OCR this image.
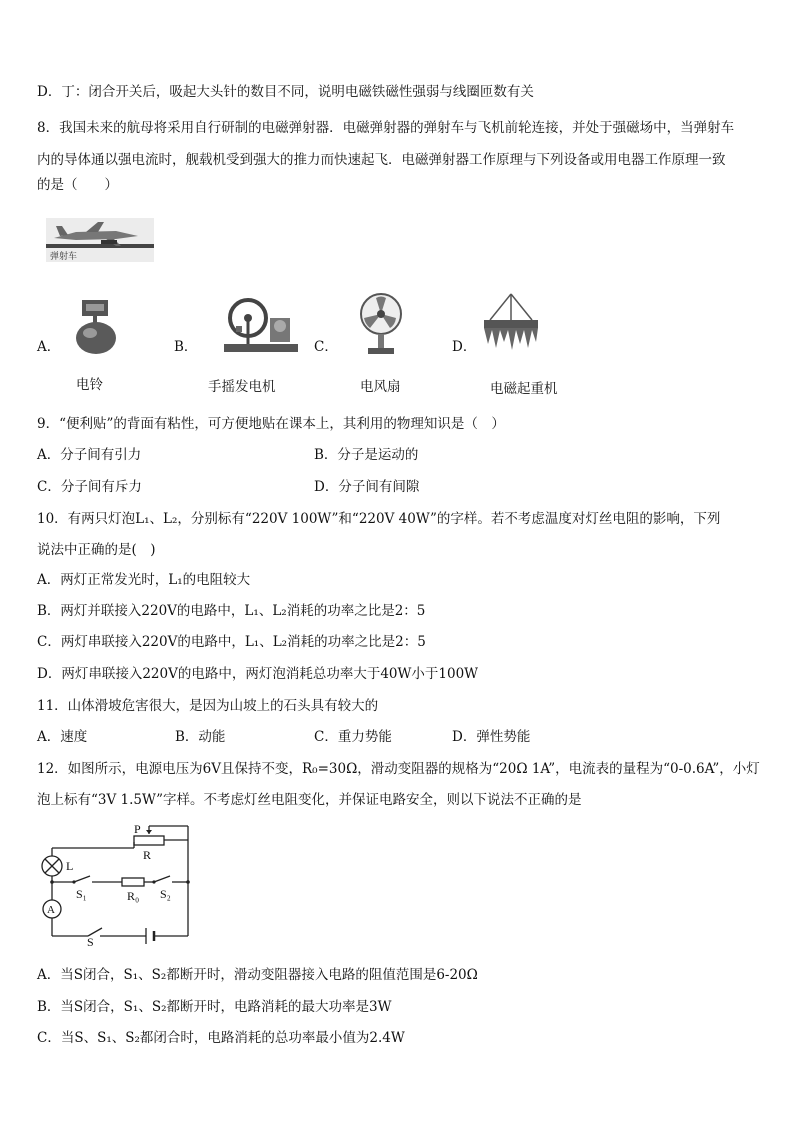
D．丁：闭合开关后，吸起大头针的数目不同，说明电磁铁磁性强弱与线圈匝数有关
8．我国未来的航母将采用自行研制的电磁弹射器．电磁弹射器的弹射车与飞机前轮连接，并处于强磁场中，当弹射车
内的导体通以强电流时，舰载机受到强大的推力而快速起飞．电磁弹射器工作原理与下列设备或用电器工作原理一致
的是（　　）
弹射车
A．
电铃
B．
手摇发电机
C．
电风扇
D．
电磁起重机
9．“便利贴”的背面有粘性，可方便地贴在课本上，其利用的物理知识是（　）
A．分子间有引力	B．分子是运动的
C．分子间有斥力	D．分子间有间隙
10．有两只灯泡L₁、L₂，分别标有“220V 100W”和“220V 40W”的字样。若不考虑温度对灯丝电阻的影响，下列
说法中正确的是(　)
A．两灯正常发光时，L₁的电阻较大
B．两灯并联接入220V的电路中，L₁、L₂消耗的功率之比是2：5
C．两灯串联接入220V的电路中，L₁、L₂消耗的功率之比是2：5
D．两灯串联接入220V的电路中，两灯泡消耗总功率大于40W小于100W
11．山体滑坡危害很大，是因为山坡上的石头具有较大的
A．速度	B．动能	C．重力势能	D．弹性势能
12．如图所示，电源电压为6V且保持不变，R₀=30Ω，滑动变阻器的规格为“20Ω 1A”，电流表的量程为“0-0.6A”，小灯
泡上标有“3V 1.5W”字样。不考虑灯丝电阻变化，并保证电路安全，则以下说法不正确的是
P
R
L
S₁	R₀ S₂
A
S
A．当S闭合，S₁、S₂都断开时，滑动变阻器接入电路的阻值范围是6-20Ω
B．当S闭合，S₁、S₂都断开时，电路消耗的最大功率是3W
C．当S、S₁、S₂都闭合时，电路消耗的总功率最小值为2.4W
